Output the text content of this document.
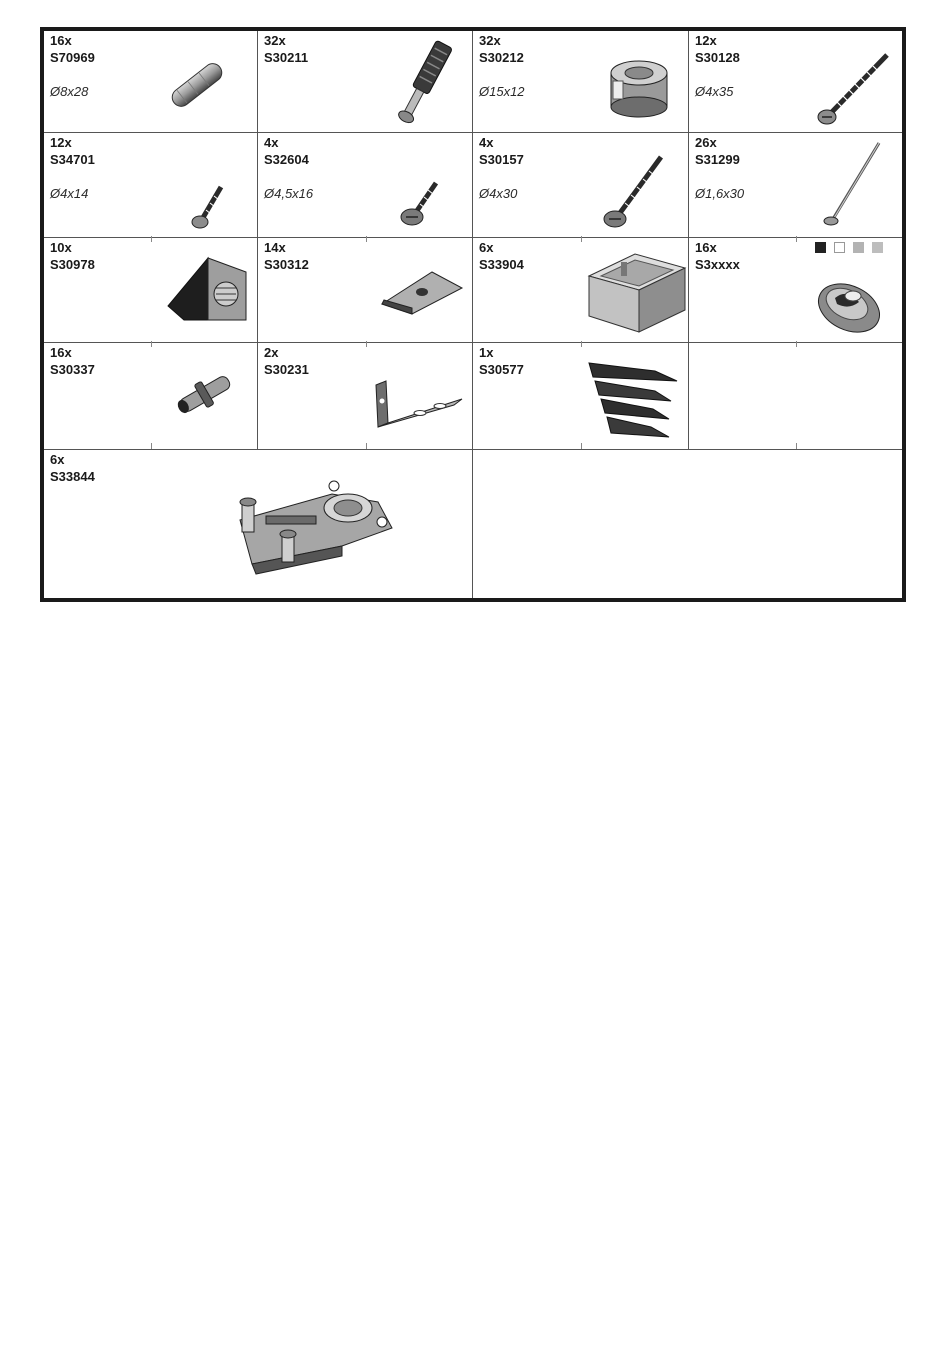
16x
S70969
Ø8x28
32x
S30211
32x
S30212
Ø15x12
12x
S30128
Ø4x35
12x
S34701
Ø4x14
4x
S32604
Ø4,5x16
4x
S30157
Ø4x30
26x
S31299
Ø1,6x30
10x
S30978
14x
S30312
6x
S33904
16x
S3xxxx
16x
S30337
2x
S30231
1x
S30577
6x
S33844
